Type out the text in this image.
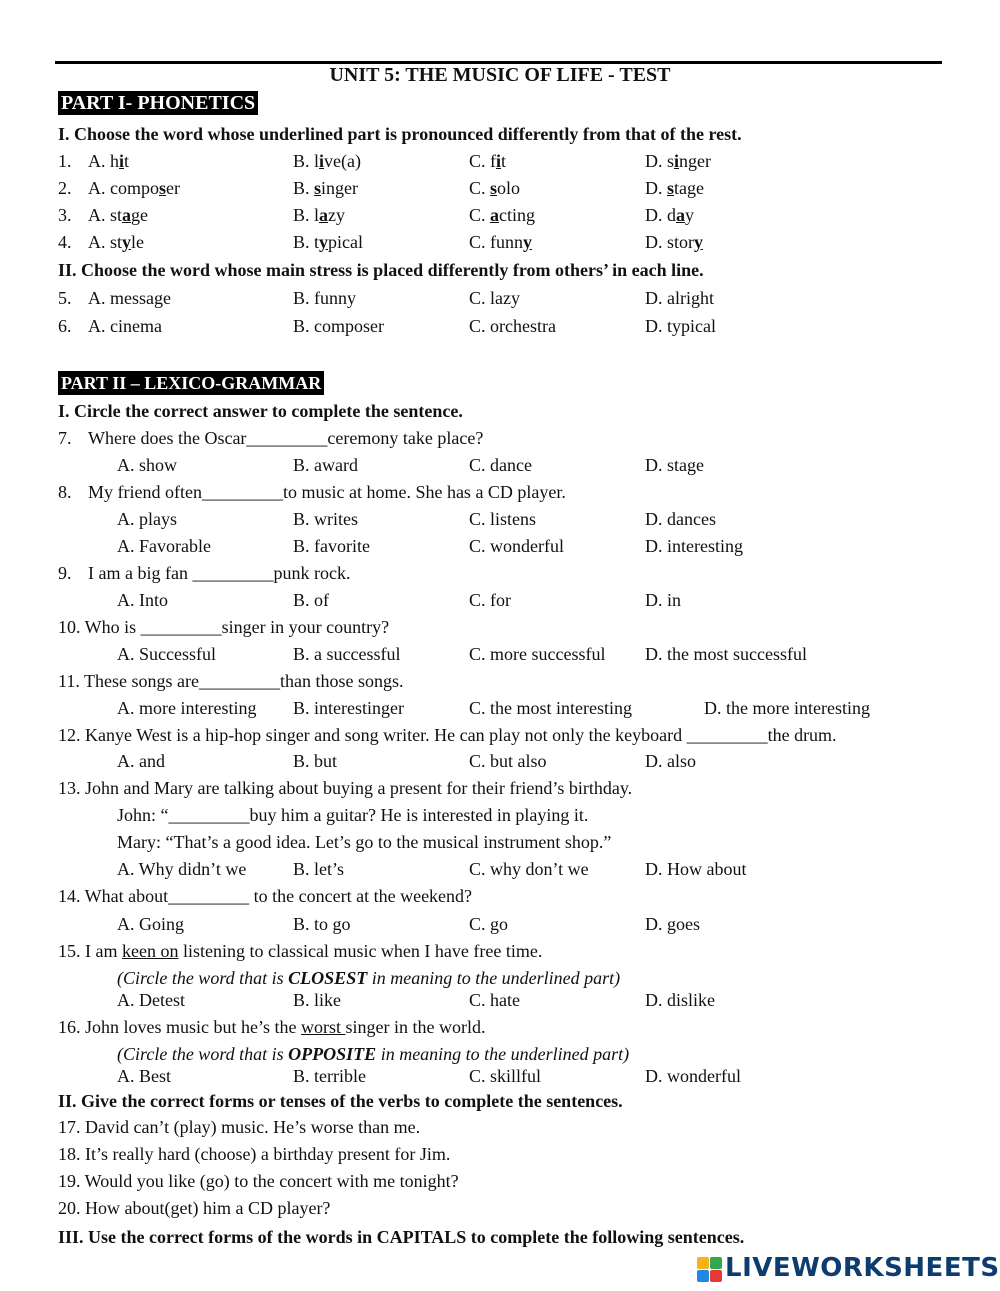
UNIT 5: THE MUSIC OF LIFE - TEST
PART I- PHONETICS
I. Choose the word whose underlined part is pronounced differently from that of the rest.
1. A. hit	B. live(a)	C. fit	D. singer
2. A. composer	B. singer	C. solo	D. stage
3. A. stage	B. lazy	C. acting	D. day
4. A. style	B. typical	C. funny	D. story
II. Choose the word whose main stress is placed differently from others’ in each line.
5. A. message	B. funny	C. lazy	D. alright
6. A. cinema	B. composer	C. orchestra	D. typical
PART II – LEXICO-GRAMMAR
I. Circle the correct answer to complete the sentence.
7. Where does the Oscar_________ceremony take place?
A. show	B. award	C. dance	D. stage
8. My friend often_________to music at home. She has a CD player.
A. plays	B. writes	C. listens	D. dances
A. Favorable	B. favorite	C. wonderful	D. interesting
9. I am a big fan _________punk rock.
A. Into	B. of	C. for	D. in
10. Who is _________singer in your country?
A. Successful	B. a successful	C. more successful D. the most successful
11. These songs are_________than those songs.
A. more interesting B. interestinger	C. the most interesting	D. the more interesting
12. Kanye West is a hip-hop singer and song writer. He can play not only the keyboard _________the drum.
A. and	B. but	C. but also	D. also
13. John and Mary are talking about buying a present for their friend’s birthday.
John: “_________buy him a guitar? He is interested in playing it.
Mary: “That’s a good idea. Let’s go to the musical instrument shop.”
A. Why didn’t we	B. let’s	C. why don’t we	D. How about
14. What about_________ to the concert at the weekend?
A. Going	B. to go	C. go	D. goes
15. I am keen on listening to classical music when I have free time.
(Circle the word that is CLOSEST in meaning to the underlined part)
A. Detest	B. like	C. hate	D. dislike
16. John loves music but he’s the worst singer in the world.
(Circle the word that is OPPOSITE in meaning to the underlined part)
A. Best	B. terrible	C. skillful	D. wonderful
II. Give the correct forms or tenses of the verbs to complete the sentences.
17. David can’t (play) music. He’s worse than me.
18. It’s really hard (choose) a birthday present for Jim.
19. Would you like (go) to the concert with me tonight?
20. How about(get) him a CD player?
III. Use the correct forms of the words in CAPITALS to complete the following sentences.
LIVEWORKSHEETS
